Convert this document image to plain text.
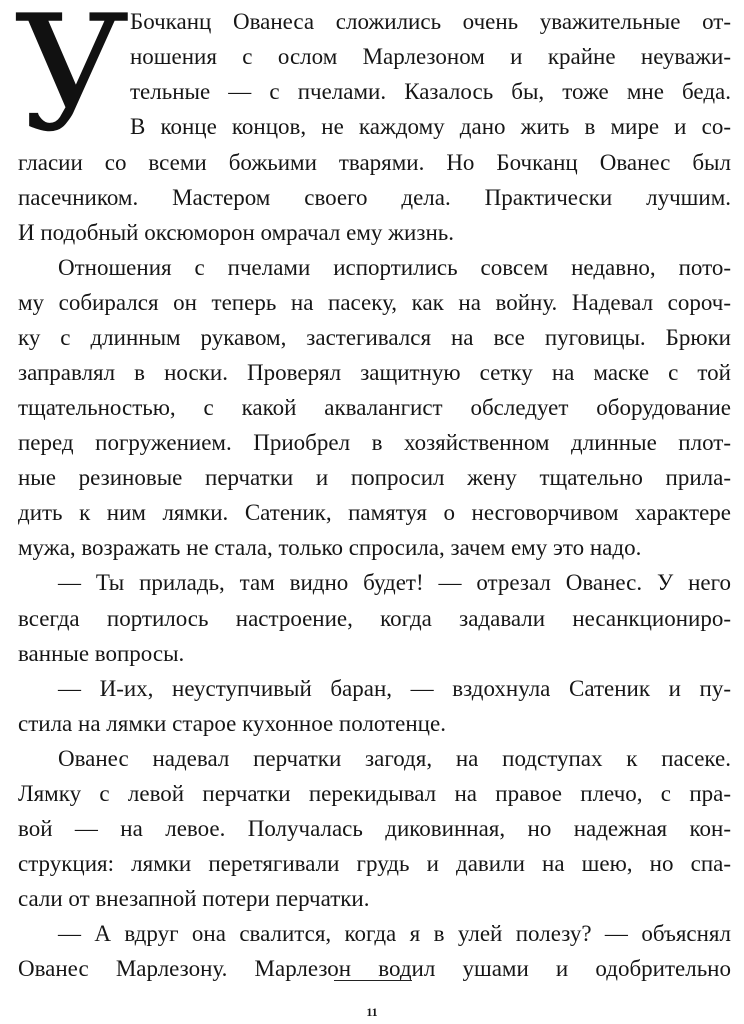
У Бочканц Ованеса сложились очень уважительные от-
ношения с ослом Марлезоном и крайне неуважи-
тельные — с пчелами. Казалось бы, тоже мне беда.
В конце концов, не каждому дано жить в мире и со-
гласии со всеми божьими тварями. Но Бочканц Ованес был
пасечником. Мастером своего дела. Практически лучшим.
И подобный оксюморон омрачал ему жизнь.
Отношения с пчелами испортились совсем недавно, пото-
му собирался он теперь на пасеку, как на войну. Надевал сороч-
ку с длинным рукавом, застегивался на все пуговицы. Брюки
заправлял в носки. Проверял защитную сетку на маске с той
тщательностью, с какой аквалангист обследует оборудование
перед погружением. Приобрел в хозяйственном длинные плот-
ные резиновые перчатки и попросил жену тщательно прила-
дить к ним лямки. Сатеник, памятуя о несговорчивом характере
мужа, возражать не стала, только спросила, зачем ему это надо.
— Ты приладь, там видно будет! — отрезал Ованес. У него
всегда портилось настроение, когда задавали несанкциониро-
ванные вопросы.
— И-их, неуступчивый баран, — вздохнула Сатеник и пу-
стила на лямки старое кухонное полотенце.
Ованес надевал перчатки загодя, на подступах к пасеке.
Лямку с левой перчатки перекидывал на правое плечо, с пра-
вой — на левое. Получалась диковинная, но надежная кон-
струкция: лямки перетягивали грудь и давили на шею, но спа-
сали от внезапной потери перчатки.
— А вдруг она свалится, когда я в улей полезу? — объяснял
Ованес Марлезону. Марлезон водил ушами и одобрительно
11
